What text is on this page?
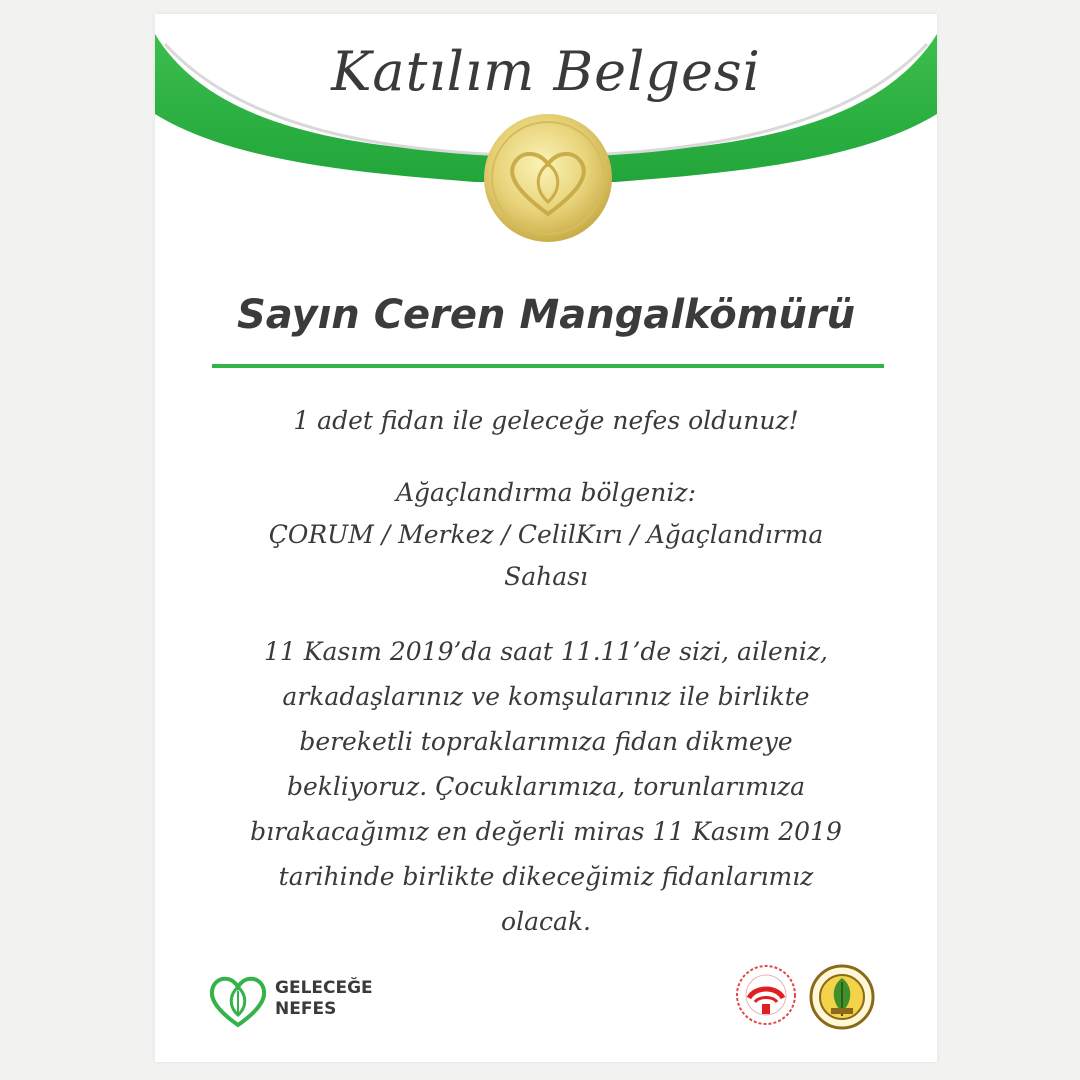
Katılım Belgesi
Sayın Ceren Mangalkömürü
1 adet fidan ile geleceğe nefes oldunuz!
Ağaçlandırma bölgeniz:
ÇORUM / Merkez / CelilKırı / Ağaçlandırma
Sahası
11 Kasım 2019’da saat 11.11’de sizi, aileniz,
arkadaşlarınız ve komşularınız ile birlikte
bereketli topraklarımıza fidan dikmeye
bekliyoruz. Çocuklarımıza, torunlarımıza
bırakacağımız en değerli miras 11 Kasım 2019
tarihinde birlikte dikeceğimiz fidanlarımız
olacak.
GELECEĞE
NEFES
